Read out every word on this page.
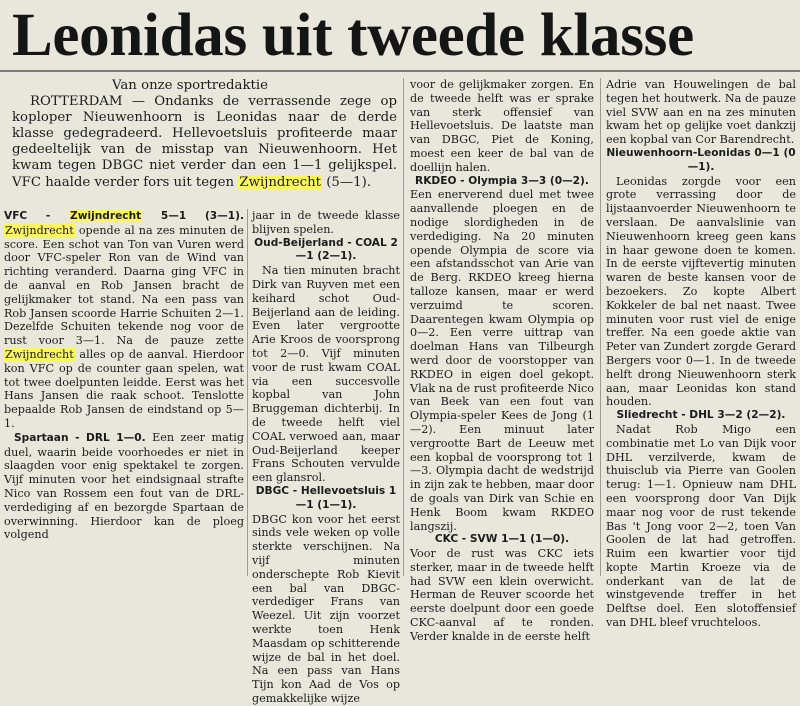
Leonidas uit tweede klasse
Van onze sportredaktie
ROTTERDAM — Ondanks de verrassende zege op koploper Nieuwenhoorn is Leonidas naar de derde klasse gedegradeerd. Hellevoetsluis profiteerde maar gedeeltelijk van de misstap van Nieuwenhoorn. Het kwam tegen DBGC niet verder dan een 1—1 gelijkspel. VFC haalde verder fors uit tegen Zwijndrecht (5—1).

VFC - Zwijndrecht 5—1 (3—1). Zwijndrecht opende al na zes minuten de score. Een schot van Ton van Vuren werd door VFC-speler Ron van de Wind van richting veranderd. Daarna ging VFC in de aanval en Rob Jansen bracht de gelijkmaker tot stand. Na een pass van Rob Jansen scoorde Harrie Schuiten 2—1. Dezelfde Schuiten tekende nog voor de rust voor 3—1. Na de pauze zette Zwijndrecht alles op de aanval. Hierdoor kon VFC op de counter gaan spelen, wat tot twee doelpunten leidde. Eerst was het Hans Jansen die raak schoot. Tenslotte bepaalde Rob Jansen de eindstand op 5—1.

Spartaan - DRL 1—0. Een zeer matig duel, waarin beide voorhoedes er niet in slaagden voor enig spektakel te zorgen. Vijf minuten voor het eindsignaal strafte Nico van Rossem een fout van de DRL-verdediging af en bezorgde Spartaan de overwinning. Hierdoor kan de ploeg volgend

jaar in de tweede klasse blijven spelen.

Oud-Beijerland - COAL 2—1 (2—1).

Na tien minuten bracht Dirk van Ruyven met een keihard schot Oud-Beijerland aan de leiding. Even later vergrootte Arie Kroos de voorsprong tot 2—0. Vijf minuten voor de rust kwam COAL via een succesvolle kopbal van John Bruggeman dichterbij. In de tweede helft viel COAL verwoed aan, maar Oud-Beijerland keeper Frans Schouten vervulde een glansrol.

DBGC - Hellevoetsluis 1—1 (1—1).
DBGC kon voor het eerst sinds vele weken op volle sterkte verschijnen. Na vijf minuten onderschepte Rob Kievit een bal van DBGC-verdediger Frans van Weezel. Uit zijn voorzet werkte toen Henk Maasdam op schitterende wijze de bal in het doel. Na een pass van Hans Tijn kon Aad de Vos op gemakkelijke wijze

voor de gelijkmaker zorgen. En de tweede helft was er sprake van sterk offensief van Hellevoetsluis. De laatste man van DBGC, Piet de Koning, moest een keer de bal van de doellijn halen.

RKDEO - Olympia 3—3 (0—2).
Een enerverend duel met twee aanvallende ploegen en de nodige slordigheden in de verdediging. Na 20 minuten opende Olympia de score via een afstandsschot van Arie van de Berg. RKDEO kreeg hierna talloze kansen, maar er werd verzuimd te scoren. Daarentegen kwam Olympia op 0—2. Een verre uittrap van doelman Hans van Tilbeurgh werd door de voorstopper van RKDEO in eigen doel gekopt. Vlak na de rust profiteerde Nico van Beek van een fout van Olympia-speler Kees de Jong (1—2). Een minuut later vergrootte Bart de Leeuw met een kopbal de voorsprong tot 1—3. Olympia dacht de wedstrijd in zijn zak te hebben, maar door de goals van Dirk van Schie en Henk Boom kwam RKDEO langszij.

CKC - SVW 1—1 (1—0).
Voor de rust was CKC iets sterker, maar in de tweede helft had SVW een klein overwicht. Herman de Reuver scoorde het eerste doelpunt door een goede CKC-aanval af te ronden. Verder knalde in de eerste helft

Adrie van Houwelingen de bal tegen het houtwerk. Na de pauze viel SVW aan en na zes minuten kwam het op gelijke voet dankzij een kopbal van Cor Barendrecht.

Nieuwenhoorn-Leonidas 0—1 (0—1).

Leonidas zorgde voor een grote verrassing door de lijstaanvoerder Nieuwenhoorn te verslaan. De aanvalslinie van Nieuwenhoorn kreeg geen kans in haar gewone doen te komen. In de eerste vijftevertig minuten waren de beste kansen voor de bezoekers. Zo kopte Albert Kokkeler de bal net naast. Twee minuten voor rust viel de enige treffer. Na een goede aktie van Peter van Zundert zorgde Gerard Bergers voor 0—1. In de tweede helft drong Nieuwenhoorn sterk aan, maar Leonidas kon stand houden.

Sliedrecht - DHL 3—2 (2—2).

Nadat Rob Migo een combinatie met Lo van Dijk voor DHL verzilverde, kwam de thuisclub via Pierre van Goolen terug: 1—1. Opnieuw nam DHL een voorsprong door Van Dijk maar nog voor de rust tekende Bas 't Jong voor 2—2, toen Van Goolen de lat had getroffen. Ruim een kwartier voor tijd kopte Martin Kroeze via de onderkant van de lat de winstgevende treffer in het Delftse doel. Een slotoffensief van DHL bleef vruchteloos.
